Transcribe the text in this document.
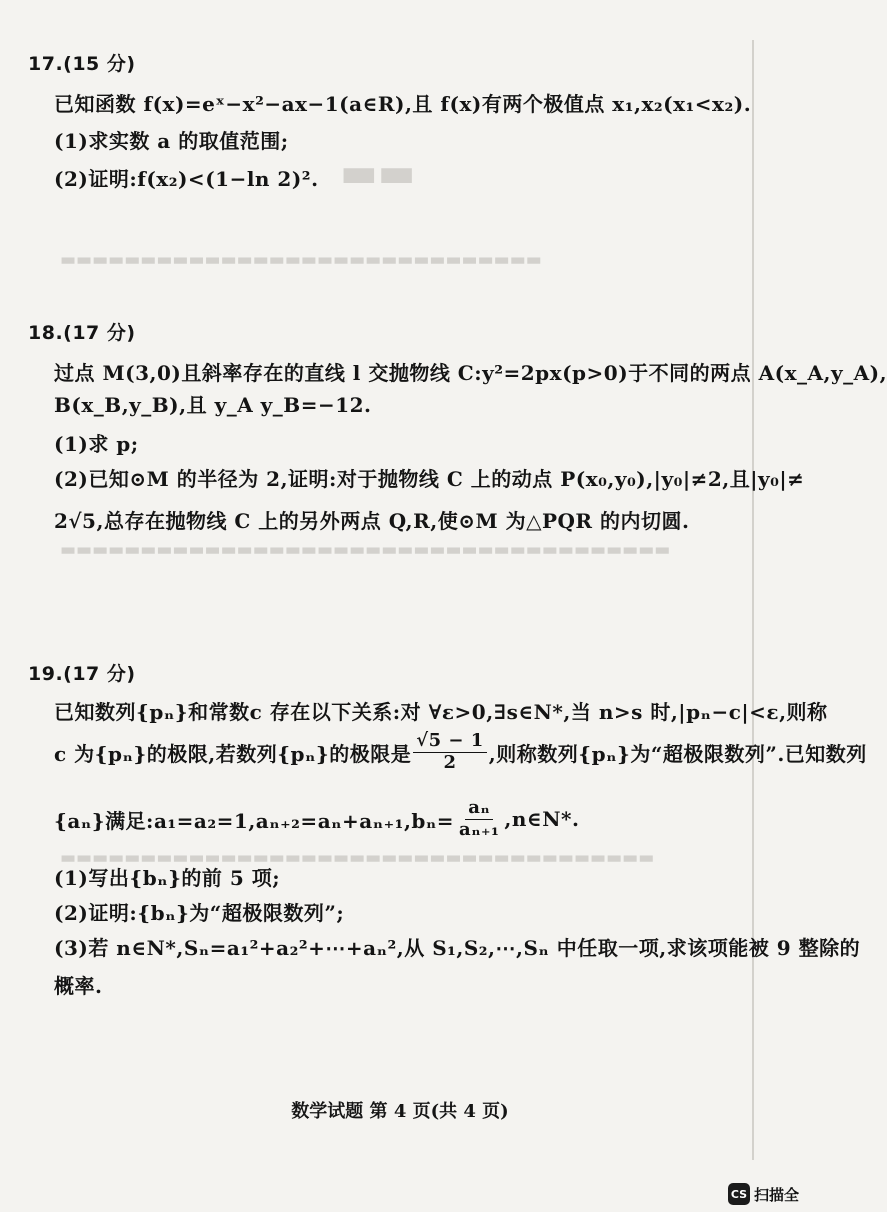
▬▬
▬▬▬▬▬▬▬▬▬▬▬▬▬▬▬▬▬▬▬▬▬▬▬▬▬▬▬▬▬▬
▬▬▬▬▬▬▬▬▬▬▬▬▬▬▬▬▬▬▬▬▬▬▬▬▬▬▬▬▬▬▬▬▬▬▬▬▬▬
▬▬▬▬▬▬▬▬▬▬▬▬▬▬▬▬▬▬▬▬▬▬▬▬▬▬▬▬▬▬▬▬▬▬▬▬▬
17.(15 分)
已知函数 f(x)=eˣ−x²−ax−1(a∈R),且 f(x)有两个极值点 x₁,x₂(x₁<x₂).
(1)求实数 a 的取值范围;
(2)证明:f(x₂)<(1−ln 2)².
18.(17 分)
过点 M(3,0)且斜率存在的直线 l 交抛物线 C:y²=2px(p>0)于不同的两点 A(x_A,y_A),
B(x_B,y_B),且 y_A y_B=−12.
(1)求 p;
(2)已知⊙M 的半径为 2,证明:对于抛物线 C 上的动点 P(x₀,y₀),|y₀|≠2,且|y₀|≠
2√5,总存在抛物线 C 上的另外两点 Q,R,使⊙M 为△PQR 的内切圆.
19.(17 分)
已知数列{pₙ}和常数c 存在以下关系:对 ∀ε>0,∃s∈N*,当 n>s 时,|pₙ−c|<ε,则称
c 为{pₙ}的极限,若数列{pₙ}的极限是 $\frac{√5 - 1}{2}$ ,则称数列{pₙ}为“超极限数列”.已知数列
{aₙ}满足:a₁=a₂=1,aₙ₊₂=aₙ+aₙ₊₁,bₙ= $\frac{\text{aₙ}}{\text{aₙ₊₁}}$ ,n∈N*.
(1)写出{bₙ}的前 5 项;
(2)证明:{bₙ}为“超极限数列”;
(3)若 n∈N*,Sₙ=a₁²+a₂²+⋯+aₙ²,从 S₁,S₂,⋯,Sₙ 中任取一项,求该项能被 9 整除的
概率.
数学试题 第 4 页(共 4 页)
CS 扫描全
